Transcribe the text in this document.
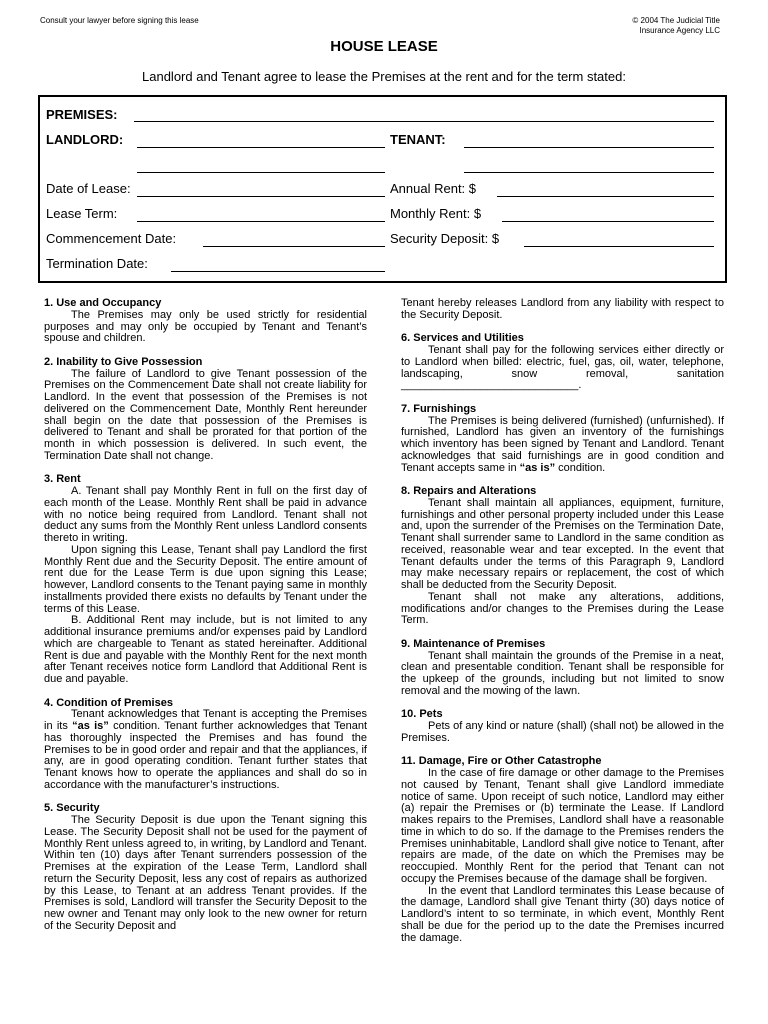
Consult your lawyer before signing this lease	© 2004 The Judicial Title
Insurance Agency LLC
HOUSE LEASE
Landlord and Tenant agree to lease the Premises at the rent and for the term stated:
PREMISES:
LANDLORD:	TENANT:
Date of Lease:	Annual Rent: $
Lease Term:	Monthly Rent: $
Commencement Date:	Security Deposit: $
Termination Date:
1. Use and Occupancy
The Premises may only be used strictly for residential purposes and may only be occupied by Tenant and Tenant’s spouse and children.
2. Inability to Give Possession
The failure of Landlord to give Tenant possession of the Premises on the Commencement Date shall not create liability for Landlord. In the event that possession of the Premises is not delivered on the Commencement Date, Monthly Rent hereunder shall begin on the date that possession of the Premises is delivered to Tenant and shall be prorated for that portion of the month in which possession is delivered. In such event, the Termination Date shall not change.
3. Rent
A. Tenant shall pay Monthly Rent in full on the first day of each month of the Lease. Monthly Rent shall be paid in advance with no notice being required from Landlord. Tenant shall not deduct any sums from the Monthly Rent unless Landlord consents thereto in writing.
Upon signing this Lease, Tenant shall pay Landlord the first Monthly Rent due and the Security Deposit. The entire amount of rent due for the Lease Term is due upon signing this Lease; however, Landlord consents to the Tenant paying same in monthly installments provided there exists no defaults by Tenant under the terms of this Lease.
B. Additional Rent may include, but is not limited to any additional insurance premiums and/or expenses paid by Landlord which are chargeable to Tenant as stated hereinafter. Additional Rent is due and payable with the Monthly Rent for the next month after Tenant receives notice form Landlord that Additional Rent is due and payable.
4. Condition of Premises
Tenant acknowledges that Tenant is accepting the Premises in its “as is” condition. Tenant further acknowledges that Tenant has thoroughly inspected the Premises and has found the Premises to be in good order and repair and that the appliances, if any, are in good operating condition. Tenant further states that Tenant knows how to operate the appliances and shall do so in accordance with the manufacturer’s instructions.
5. Security
The Security Deposit is due upon the Tenant signing this Lease. The Security Deposit shall not be used for the payment of Monthly Rent unless agreed to, in writing, by Landlord and Tenant. Within ten (10) days after Tenant surrenders possession of the Premises at the expiration of the Lease Term, Landlord shall return the Security Deposit, less any cost of repairs as authorized by this Lease, to Tenant at an address Tenant provides. If the Premises is sold, Landlord will transfer the Security Deposit to the new owner and Tenant may only look to the new owner for return of the Security Deposit and
Tenant hereby releases Landlord from any liability with respect to the Security Deposit.
6. Services and Utilities
Tenant shall pay for the following services either directly or to Landlord when billed: electric, fuel, gas, oil, water, telephone, landscaping, snow removal, sanitation _____________________________.
7. Furnishings
The Premises is being delivered (furnished) (unfurnished). If furnished, Landlord has given an inventory of the furnishings which inventory has been signed by Tenant and Landlord. Tenant acknowledges that said furnishings are in good condition and Tenant accepts same in “as is” condition.
8. Repairs and Alterations
Tenant shall maintain all appliances, equipment, furniture, furnishings and other personal property included under this Lease and, upon the surrender of the Premises on the Termination Date, Tenant shall surrender same to Landlord in the same condition as received, reasonable wear and tear excepted. In the event that Tenant defaults under the terms of this Paragraph 9, Landlord may make necessary repairs or replacement, the cost of which shall be deducted from the Security Deposit.
Tenant shall not make any alterations, additions, modifications and/or changes to the Premises during the Lease Term.
9. Maintenance of Premises
Tenant shall maintain the grounds of the Premise in a neat, clean and presentable condition. Tenant shall be responsible for the upkeep of the grounds, including but not limited to snow removal and the mowing of the lawn.
10. Pets
Pets of any kind or nature (shall) (shall not) be allowed in the Premises.
11. Damage, Fire or Other Catastrophe
In the case of fire damage or other damage to the Premises not caused by Tenant, Tenant shall give Landlord immediate notice of same. Upon receipt of such notice, Landlord may either (a) repair the Premises or (b) terminate the Lease. If Landlord makes repairs to the Premises, Landlord shall have a reasonable time in which to do so. If the damage to the Premises renders the Premises uninhabitable, Landlord shall give notice to Tenant, after repairs are made, of the date on which the Premises may be reoccupied. Monthly Rent for the period that Tenant can not occupy the Premises because of the damage shall be forgiven.
In the event that Landlord terminates this Lease because of the damage, Landlord shall give Tenant thirty (30) days notice of Landlord’s intent to so terminate, in which event, Monthly Rent shall be due for the period up to the date the Premises incurred the damage.
